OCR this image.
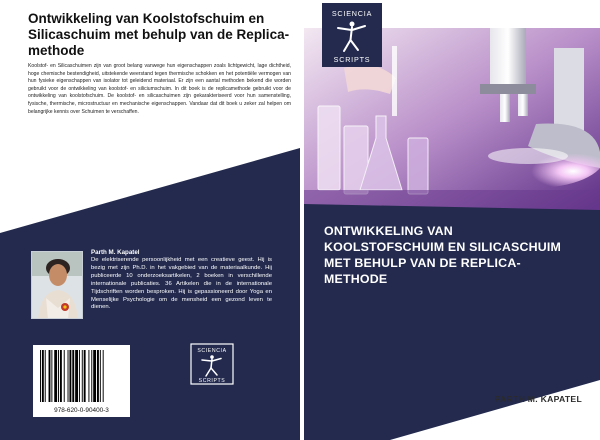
Ontwikkeling van Koolstofschuim en Silicaschuim met behulp van de Replica-methode

Koolstof- en Silicaschuimen zijn van groot belang vanwege hun eigenschappen zoals lichtgewicht, lage dichtheid, hoge chemische bestendigheid, uitstekende weerstand tegen thermische schokken en het potentiële vermogen van hun fysieke eigenschappen van isolator tot geleidend materiaal. Er zijn een aantal methoden bekend die worden gebruikt voor de ontwikkeling van koolstof- en siliciumschuim. In dit boek is de replicamethode gebruikt voor de ontwikkeling van koolstofschuim. De koolstof- en silicaschuimen zijn gekarakteriseerd voor hun samenstelling, fysische, thermische, microstructuur en mechanische eigenschappen. Vandaar dat dit boek u zeker zal helpen om belangrijke kennis over Schuimen te verschaffen.

Parth M. Kapatel

De elektriserende persoonlijkheid met een creatieve geest. Hij is bezig met zijn Ph.D. in het vakgebied van de materiaalkunde. Hij publiceerde 10 onderzoeksartikelen, 2 boeken in verschillende internationale publicaties. 36 Artikelen die in de internationale Tijdschriften worden besproken. Hij is gepassioneerd door Yoga en Menselijke Psychologie om de mensheid een gezond leven te dienen.

SCIENCIA
SCRIPTS
978-620-0-90400-3
SCIENCIA
SCRIPTS
ONTWIKKELING VAN KOOLSTOFSCHUIM EN SILICASCHUIM MET BEHULP VAN DE REPLICA-METHODE

PARTH M. KAPATEL
